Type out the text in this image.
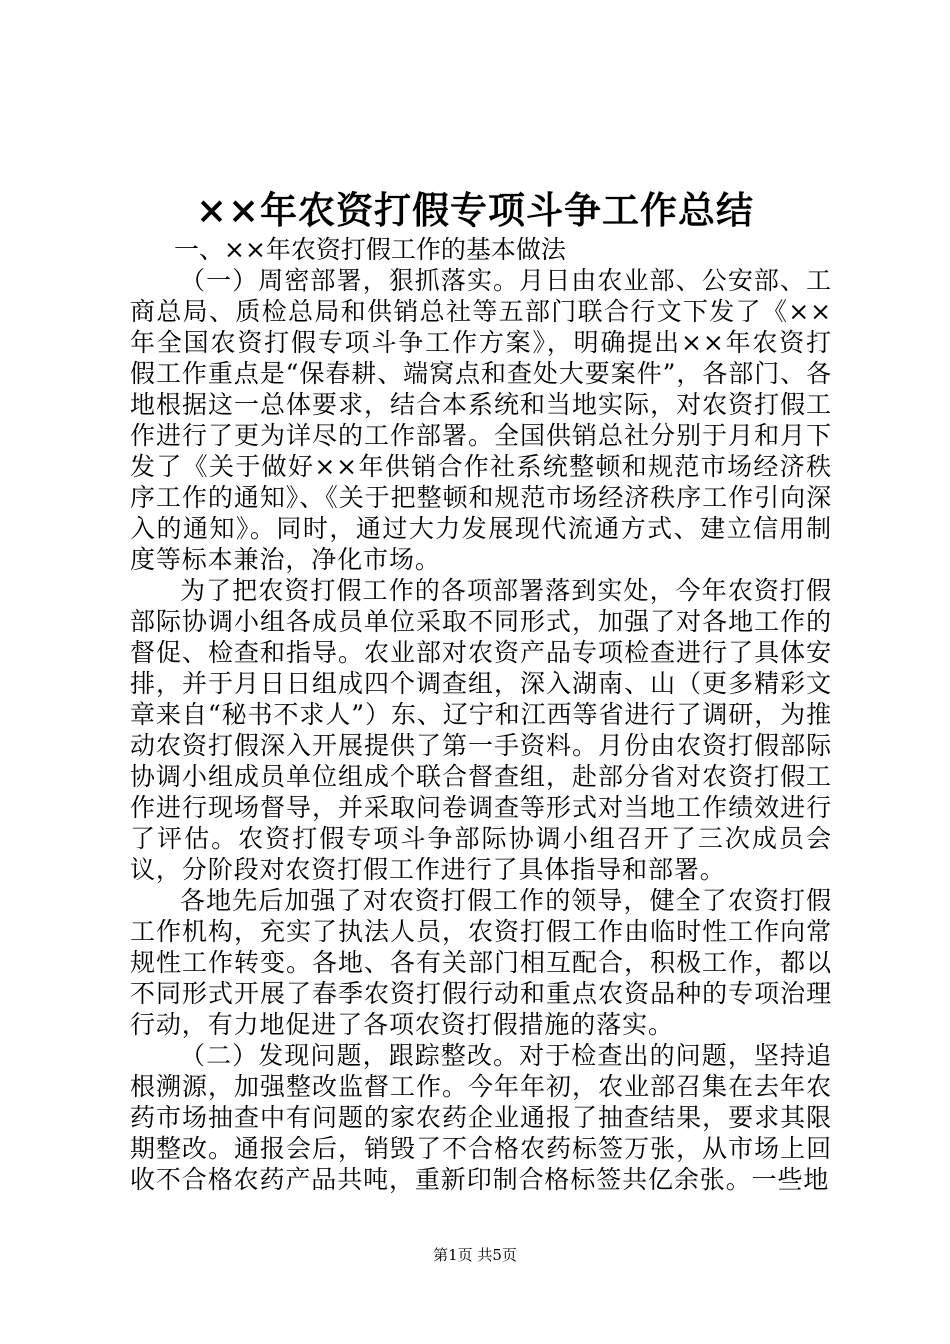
××年农资打假专项斗争工作总结
一、××年农资打假工作的基本做法

（一）周密部署，狠抓落实。月日由农业部、公安部、工商总局、质检总局和供销总社等五部门联合行文下发了《××年全国农资打假专项斗争工作方案》，明确提出××年农资打假工作重点是“保春耕、端窝点和查处大要案件”，各部门、各地根据这一总体要求，结合本系统和当地实际，对农资打假工作进行了更为详尽的工作部署。全国供销总社分别于月和月下发了《关于做好××年供销合作社系统整顿和规范市场经济秩序工作的通知》、《关于把整顿和规范市场经济秩序工作引向深入的通知》。同时，通过大力发展现代流通方式、建立信用制度等标本兼治，净化市场。

为了把农资打假工作的各项部署落到实处，今年农资打假部际协调小组各成员单位采取不同形式，加强了对各地工作的督促、检查和指导。农业部对农资产品专项检查进行了具体安排，并于月日日组成四个调查组，深入湖南、山（更多精彩文章来自“秘书不求人”）东、辽宁和江西等省进行了调研，为推动农资打假深入开展提供了第一手资料。月份由农资打假部际协调小组成员单位组成个联合督查组，赴部分省对农资打假工作进行现场督导，并采取问卷调查等形式对当地工作绩效进行了评估。农资打假专项斗争部际协调小组召开了三次成员会议，分阶段对农资打假工作进行了具体指导和部署。

各地先后加强了对农资打假工作的领导，健全了农资打假工作机构，充实了执法人员，农资打假工作由临时性工作向常规性工作转变。各地、各有关部门相互配合，积极工作，都以不同形式开展了春季农资打假行动和重点农资品种的专项治理行动，有力地促进了各项农资打假措施的落实。

（二）发现问题，跟踪整改。对于检查出的问题，坚持追根溯源，加强整改监督工作。今年年初，农业部召集在去年农药市场抽查中有问题的家农药企业通报了抽查结果，要求其限期整改。通报会后，销毁了不合格农药标签万张，从市场上回收不合格农药产品共吨，重新印制合格标签共亿余张。一些地

第1页 共5页
